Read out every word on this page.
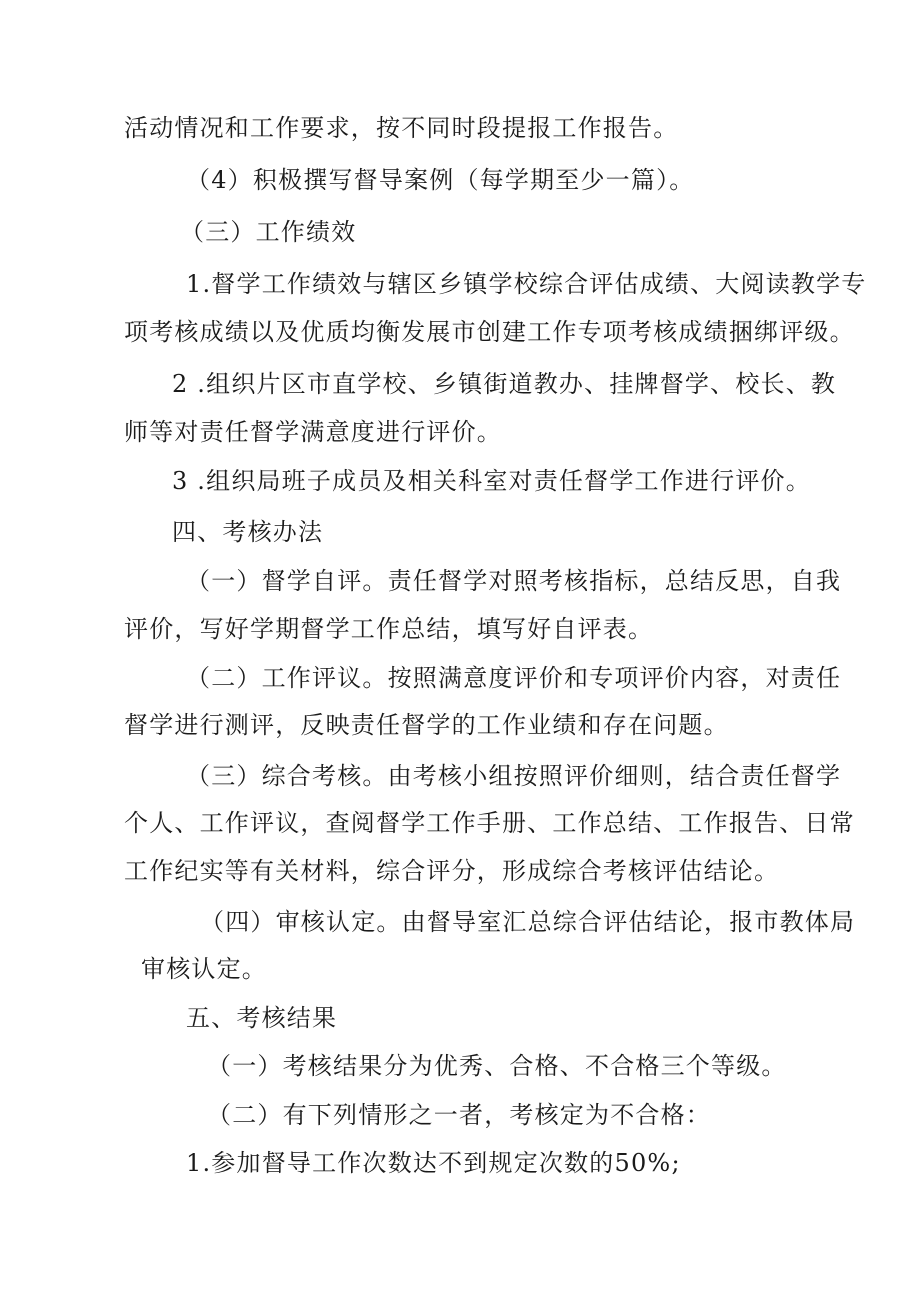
活动情况和工作要求，按不同时段提报工作报告。
（4）积极撰写督导案例（每学期至少一篇）。
（三）工作绩效
1.督学工作绩效与辖区乡镇学校综合评估成绩、大阅读教学专
项考核成绩以及优质均衡发展市创建工作专项考核成绩捆绑评级。
2 .组织片区市直学校、乡镇街道教办、挂牌督学、校长、教
师等对责任督学满意度进行评价。
3 .组织局班子成员及相关科室对责任督学工作进行评价。
四、考核办法
（一）督学自评。责任督学对照考核指标，总结反思，自我
评价，写好学期督学工作总结，填写好自评表。
（二）工作评议。按照满意度评价和专项评价内容，对责任
督学进行测评，反映责任督学的工作业绩和存在问题。
（三）综合考核。由考核小组按照评价细则，结合责任督学
个人、工作评议，查阅督学工作手册、工作总结、工作报告、日常
工作纪实等有关材料，综合评分，形成综合考核评估结论。
（四）审核认定。由督导室汇总综合评估结论，报市教体局
审核认定。
五、考核结果
（一）考核结果分为优秀、合格、不合格三个等级。
（二）有下列情形之一者，考核定为不合格：
1.参加督导工作次数达不到规定次数的50%;
